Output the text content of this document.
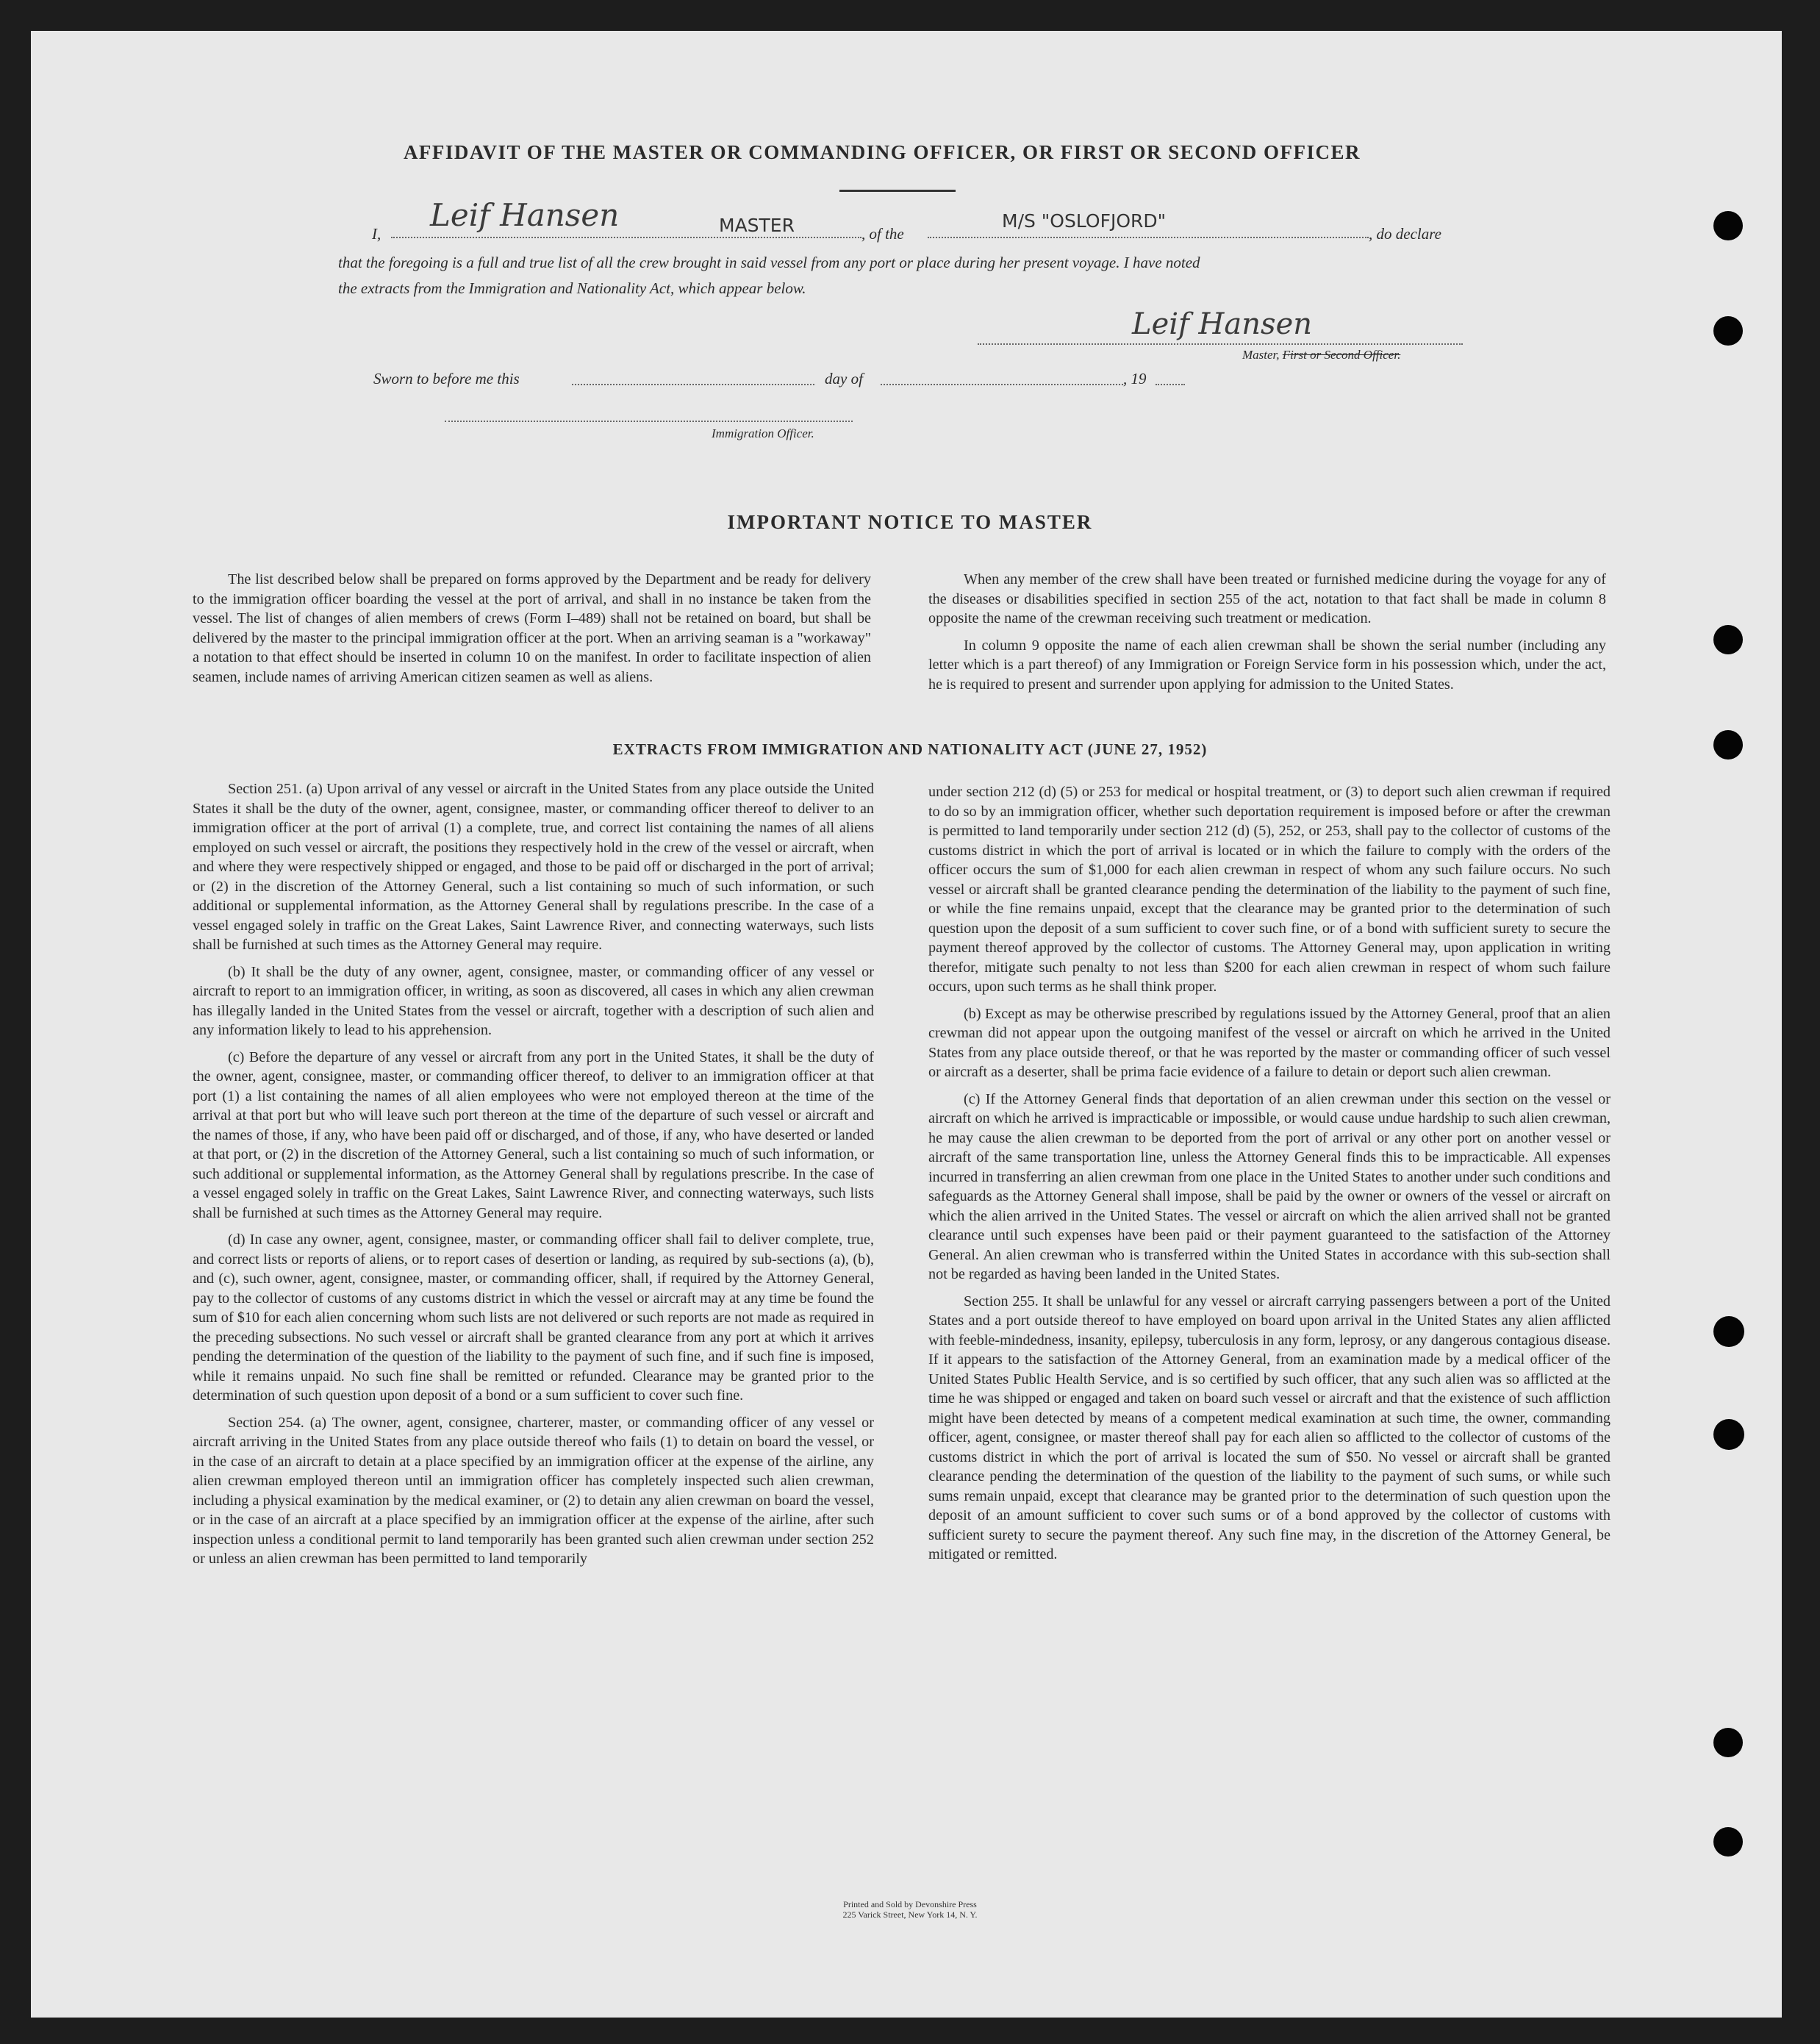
AFFIDAVIT OF THE MASTER OR COMMANDING OFFICER, OR FIRST OR SECOND OFFICER
I,
Leif Hansen	MASTER	, of the
M/S "OSLOFJORD"
, do declare
that the foregoing is a full and true list of all the crew brought in said vessel from any port or place during her present voyage. I have noted
the extracts from the Immigration and Nationality Act, which appear below.
Leif Hansen
Master, First or Second Officer.
Sworn to before me this	day of	, 19
Immigration Officer.
IMPORTANT NOTICE TO MASTER

The list described below shall be prepared on forms approved by the Department and be ready for delivery to the immigration officer boarding the vessel at the port of arrival, and shall in no instance be taken from the vessel. The list of changes of alien members of crews (Form I–489) shall not be retained on board, but shall be delivered by the master to the principal immigration officer at the port. When an arriving seaman is a "workaway" a notation to that effect should be inserted in column 10 on the manifest. In order to facilitate inspection of alien seamen, include names of arriving American citizen seamen as well as aliens.

When any member of the crew shall have been treated or furnished medicine during the voyage for any of the diseases or disabilities specified in section 255 of the act, notation to that fact shall be made in column 8 opposite the name of the crewman receiving such treatment or medication.

In column 9 opposite the name of each alien crewman shall be shown the serial number (including any letter which is a part thereof) of any Immigration or Foreign Service form in his possession which, under the act, he is required to present and surrender upon applying for admission to the United States.

EXTRACTS FROM IMMIGRATION AND NATIONALITY ACT (JUNE 27, 1952)

Section 251. (a) Upon arrival of any vessel or aircraft in the United States from any place outside the United States it shall be the duty of the owner, agent, consignee, master, or commanding officer thereof to deliver to an immigration officer at the port of arrival (1) a complete, true, and correct list containing the names of all aliens employed on such vessel or aircraft, the positions they respectively hold in the crew of the vessel or aircraft, when and where they were respectively shipped or engaged, and those to be paid off or discharged in the port of arrival; or (2) in the discretion of the Attorney General, such a list containing so much of such information, or such additional or supplemental information, as the Attorney General shall by regulations prescribe. In the case of a vessel engaged solely in traffic on the Great Lakes, Saint Lawrence River, and connecting waterways, such lists shall be furnished at such times as the Attorney General may require.

(b) It shall be the duty of any owner, agent, consignee, master, or commanding officer of any vessel or aircraft to report to an immigration officer, in writing, as soon as discovered, all cases in which any alien crewman has illegally landed in the United States from the vessel or aircraft, together with a description of such alien and any information likely to lead to his apprehension.

(c) Before the departure of any vessel or aircraft from any port in the United States, it shall be the duty of the owner, agent, consignee, master, or commanding officer thereof, to deliver to an immigration officer at that port (1) a list containing the names of all alien employees who were not employed thereon at the time of the arrival at that port but who will leave such port thereon at the time of the departure of such vessel or aircraft and the names of those, if any, who have been paid off or discharged, and of those, if any, who have deserted or landed at that port, or (2) in the discretion of the Attorney General, such a list containing so much of such information, or such additional or supplemental information, as the Attorney General shall by regulations prescribe. In the case of a vessel engaged solely in traffic on the Great Lakes, Saint Lawrence River, and connecting waterways, such lists shall be furnished at such times as the Attorney General may require.

(d) In case any owner, agent, consignee, master, or commanding officer shall fail to deliver complete, true, and correct lists or reports of aliens, or to report cases of desertion or landing, as required by sub-sections (a), (b), and (c), such owner, agent, consignee, master, or commanding officer, shall, if required by the Attorney General, pay to the collector of customs of any customs district in which the vessel or aircraft may at any time be found the sum of $10 for each alien concerning whom such lists are not delivered or such reports are not made as required in the preceding subsections. No such vessel or aircraft shall be granted clearance from any port at which it arrives pending the determination of the question of the liability to the payment of such fine, and if such fine is imposed, while it remains unpaid. No such fine shall be remitted or refunded. Clearance may be granted prior to the determination of such question upon deposit of a bond or a sum sufficient to cover such fine.

Section 254. (a) The owner, agent, consignee, charterer, master, or commanding officer of any vessel or aircraft arriving in the United States from any place outside thereof who fails (1) to detain on board the vessel, or in the case of an aircraft to detain at a place specified by an immigration officer at the expense of the airline, any alien crewman employed thereon until an immigration officer has completely inspected such alien crewman, including a physical examination by the medical examiner, or (2) to detain any alien crewman on board the vessel, or in the case of an aircraft at a place specified by an immigration officer at the expense of the airline, after such inspection unless a conditional permit to land temporarily has been granted such alien crewman under section 252 or unless an alien crewman has been permitted to land temporarily

under section 212 (d) (5) or 253 for medical or hospital treatment, or (3) to deport such alien crewman if required to do so by an immigration officer, whether such deportation requirement is imposed before or after the crewman is permitted to land temporarily under section 212 (d) (5), 252, or 253, shall pay to the collector of customs of the customs district in which the port of arrival is located or in which the failure to comply with the orders of the officer occurs the sum of $1,000 for each alien crewman in respect of whom any such failure occurs. No such vessel or aircraft shall be granted clearance pending the determination of the liability to the payment of such fine, or while the fine remains unpaid, except that the clearance may be granted prior to the determination of such question upon the deposit of a sum sufficient to cover such fine, or of a bond with sufficient surety to secure the payment thereof approved by the collector of customs. The Attorney General may, upon application in writing therefor, mitigate such penalty to not less than $200 for each alien crewman in respect of whom such failure occurs, upon such terms as he shall think proper.

(b) Except as may be otherwise prescribed by regulations issued by the Attorney General, proof that an alien crewman did not appear upon the outgoing manifest of the vessel or aircraft on which he arrived in the United States from any place outside thereof, or that he was reported by the master or commanding officer of such vessel or aircraft as a deserter, shall be prima facie evidence of a failure to detain or deport such alien crewman.

(c) If the Attorney General finds that deportation of an alien crewman under this section on the vessel or aircraft on which he arrived is impracticable or impossible, or would cause undue hardship to such alien crewman, he may cause the alien crewman to be deported from the port of arrival or any other port on another vessel or aircraft of the same transportation line, unless the Attorney General finds this to be impracticable. All expenses incurred in transferring an alien crewman from one place in the United States to another under such conditions and safeguards as the Attorney General shall impose, shall be paid by the owner or owners of the vessel or aircraft on which the alien arrived in the United States. The vessel or aircraft on which the alien arrived shall not be granted clearance until such expenses have been paid or their payment guaranteed to the satisfaction of the Attorney General. An alien crewman who is transferred within the United States in accordance with this sub-section shall not be regarded as having been landed in the United States.

Section 255. It shall be unlawful for any vessel or aircraft carrying passengers between a port of the United States and a port outside thereof to have employed on board upon arrival in the United States any alien afflicted with feeble-mindedness, insanity, epilepsy, tuberculosis in any form, leprosy, or any dangerous contagious disease. If it appears to the satisfaction of the Attorney General, from an examination made by a medical officer of the United States Public Health Service, and is so certified by such officer, that any such alien was so afflicted at the time he was shipped or engaged and taken on board such vessel or aircraft and that the existence of such affliction might have been detected by means of a competent medical examination at such time, the owner, commanding officer, agent, consignee, or master thereof shall pay for each alien so afflicted to the collector of customs of the customs district in which the port of arrival is located the sum of $50. No vessel or aircraft shall be granted clearance pending the determination of the question of the liability to the payment of such sums, or while such sums remain unpaid, except that clearance may be granted prior to the determination of such question upon the deposit of an amount sufficient to cover such sums or of a bond approved by the collector of customs with sufficient surety to secure the payment thereof. Any such fine may, in the discretion of the Attorney General, be mitigated or remitted.

Printed and Sold by Devonshire Press
225 Varick Street, New York 14, N. Y.
